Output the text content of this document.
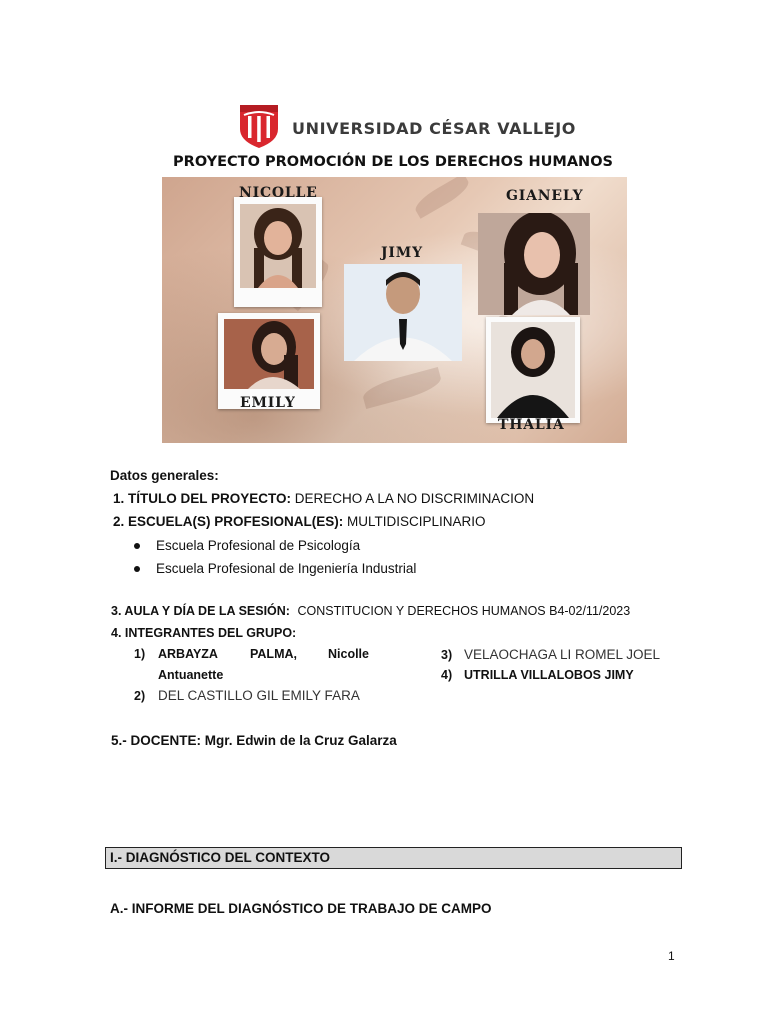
UNIVERSIDAD CÉSAR VALLEJO
PROYECTO PROMOCIÓN DE LOS DERECHOS HUMANOS
NICOLLE	GIANELY
JIMY
EMILY
THALIA
Datos generales:
1. TÍTULO DEL PROYECTO: DERECHO A LA NO DISCRIMINACION
2. ESCUELA(S) PROFESIONAL(ES): MULTIDISCIPLINARIO
Escuela Profesional de Psicología
Escuela Profesional de Ingeniería Industrial
3. AULA Y DÍA DE LA SESIÓN: CONSTITUCION Y DERECHOS HUMANOS B4-02/11/2023
4. INTEGRANTES DEL GRUPO:
1) ARBAYZA	PALMA, Nicolle
Antuanette
2) DEL CASTILLO GIL EMILY FARA
3) VELAOCHAGA LI ROMEL JOEL
4) UTRILLA VILLALOBOS JIMY
5.- DOCENTE: Mgr. Edwin de la Cruz Galarza
I.- DIAGNÓSTICO DEL CONTEXTO
A.- INFORME DEL DIAGNÓSTICO DE TRABAJO DE CAMPO
1
